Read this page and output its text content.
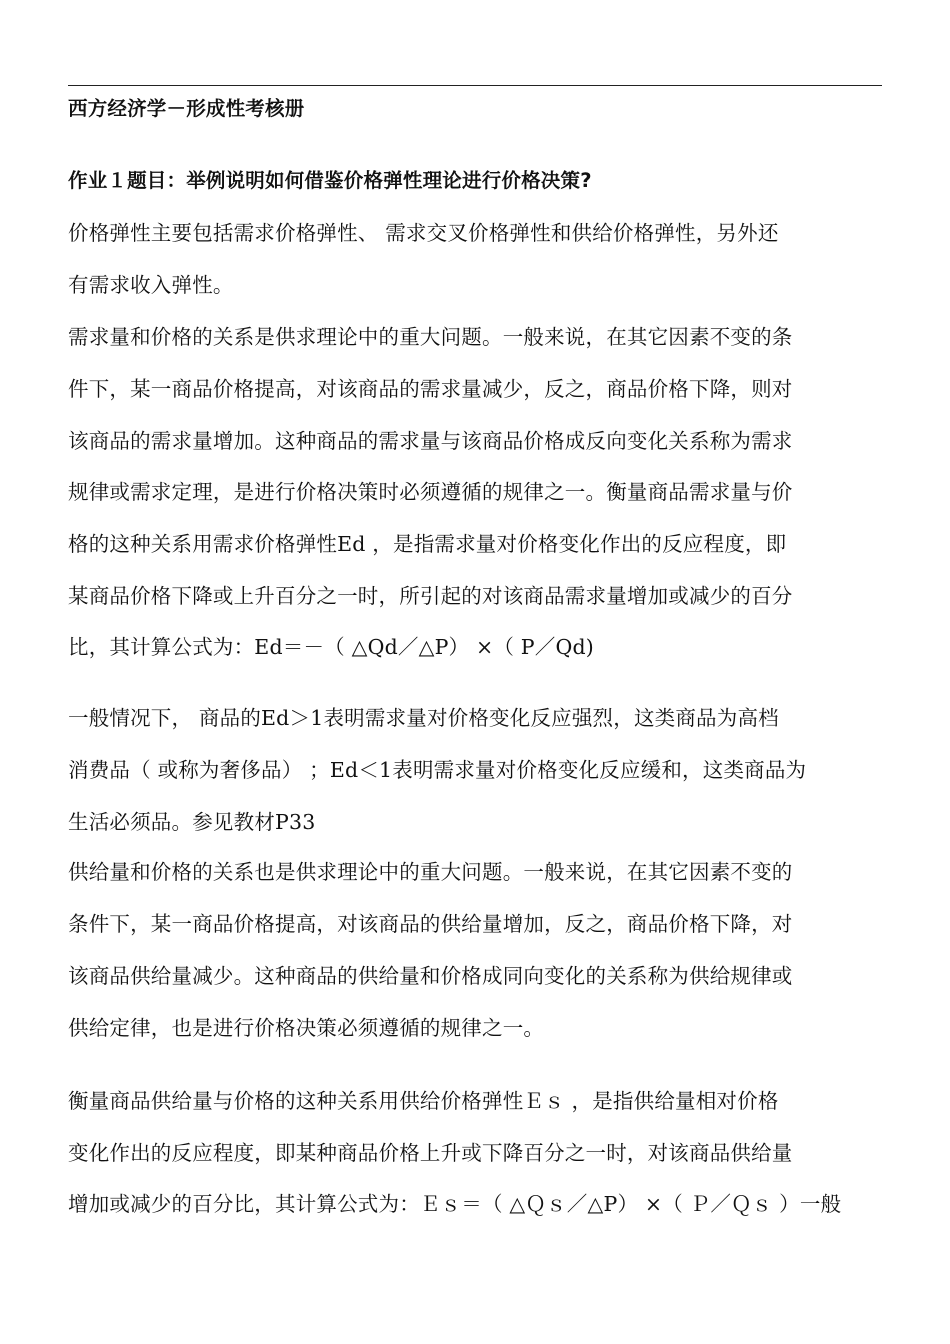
西方经济学－形成性考核册
作业１题目：举例说明如何借鉴价格弹性理论进行价格决策?
价格弹性主要包括需求价格弹性、 需求交叉价格弹性和供给价格弹性，另外还
有需求收入弹性。
需求量和价格的关系是供求理论中的重大问题。一般来说，在其它因素不变的条
件下，某一商品价格提高，对该商品的需求量减少，反之，商品价格下降，则对
该商品的需求量增加。这种商品的需求量与该商品价格成反向变化关系称为需求
规律或需求定理，是进行价格决策时必须遵循的规律之一。衡量商品需求量与价
格的这种关系用需求价格弹性Ed ，是指需求量对价格变化作出的反应程度，即
某商品价格下降或上升百分之一时，所引起的对该商品需求量增加或减少的百分
比，其计算公式为：Ed＝－（ △Qd／△P） ×（ P／Qd)
一般情况下， 商品的Ed＞1表明需求量对价格变化反应强烈，这类商品为高档
消费品（ 或称为奢侈品） ；Ed＜1表明需求量对价格变化反应缓和，这类商品为
生活必须品。参见教材P33
供给量和价格的关系也是供求理论中的重大问题。一般来说，在其它因素不变的
条件下，某一商品价格提高，对该商品的供给量增加，反之，商品价格下降，对
该商品供给量减少。这种商品的供给量和价格成同向变化的关系称为供给规律或
供给定律，也是进行价格决策必须遵循的规律之一。
衡量商品供给量与价格的这种关系用供给价格弹性Ｅｓ ，是指供给量相对价格
变化作出的反应程度，即某种商品价格上升或下降百分之一时，对该商品供给量
增加或减少的百分比，其计算公式为：Ｅｓ＝（ △Ｑｓ／△P） ×（ Ｐ／Ｑｓ ）一般
